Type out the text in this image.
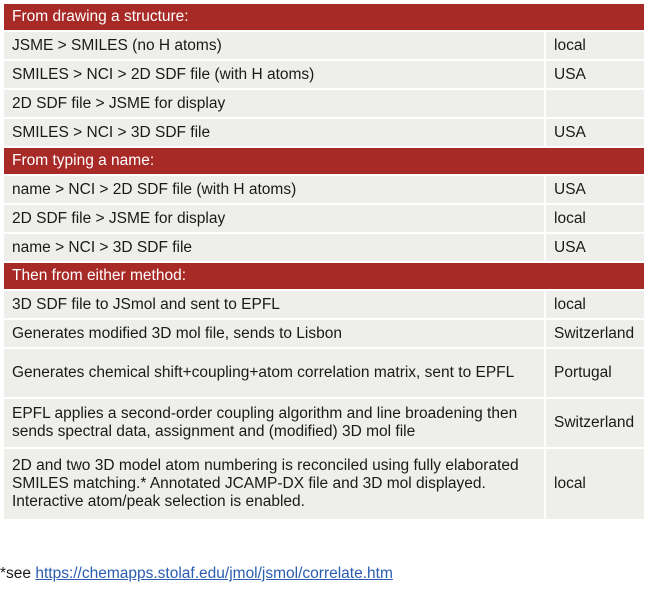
From drawing a structure:	
JSME > SMILES (no H atoms)	local
SMILES > NCI > 2D SDF file (with H atoms)	USA
2D SDF file > JSME for display	
SMILES > NCI > 3D SDF file	USA
From typing a name:	
name > NCI > 2D SDF file (with H atoms)	USA
2D SDF file > JSME for display	local
name > NCI > 3D SDF file	USA
Then from either method:	
3D SDF file to JSmol and sent to EPFL	local
Generates modified 3D mol file, sends to Lisbon	Switzerland
Generates chemical shift+coupling+atom correlation matrix, sent to EPFL	Portugal
EPFL applies a second-order coupling algorithm and line broadening then sends spectral data, assignment and (modified) 3D mol file	Switzerland
2D and two 3D model atom numbering is reconciled using fully elaborated SMILES matching.* Annotated JCAMP-DX file and 3D mol displayed. Interactive atom/peak selection is enabled.	local
*see https://chemapps.stolaf.edu/jmol/jsmol/correlate.htm
